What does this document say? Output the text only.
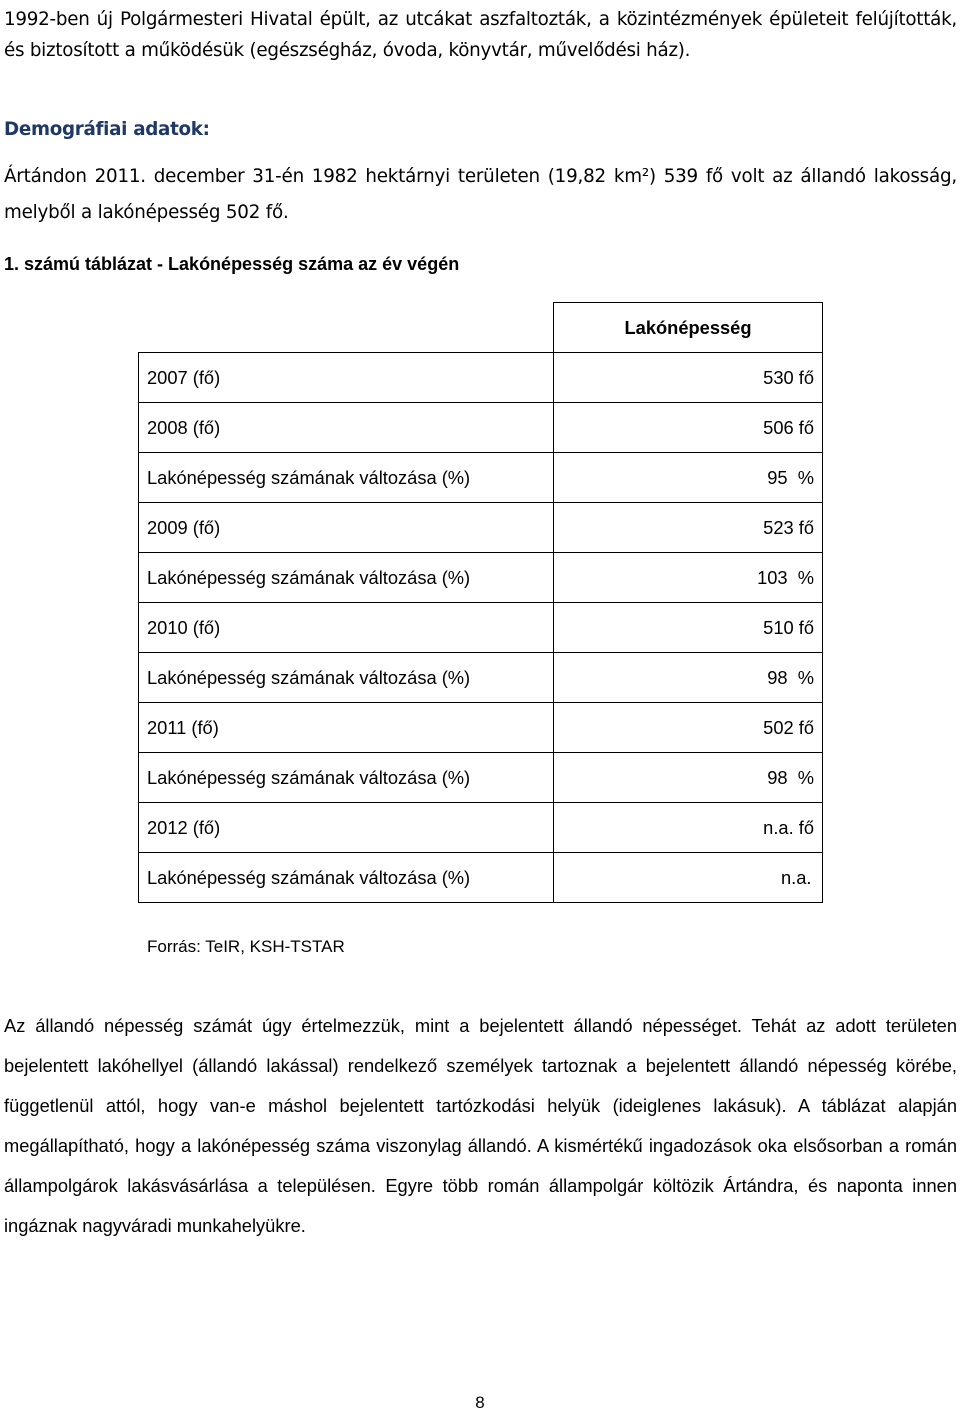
1992-ben új Polgármesteri Hivatal épült, az utcákat aszfaltozták, a közintézmények épületeit felújították, és biztosított a működésük (egészségház, óvoda, könyvtár, művelődési ház).

Demográfiai adatok:

Ártándon 2011. december 31-én 1982 hektárnyi területen (19,82 km²) 539 fő volt az állandó lakosság, melyből a lakónépesség 502 fő.

1. számú táblázat - Lakónépesség száma az év végén
	Lakónépesség
2007 (fő)	530 fő
2008 (fő)	506 fő
Lakónépesség számának változása (%)	95  %
2009 (fő)	523 fő
Lakónépesség számának változása (%)	103  %
2010 (fő)	510 fő
Lakónépesség számának változása (%)	98  %
2011 (fő)	502 fő
Lakónépesség számának változása (%)	98  %
2012 (fő)	n.a. fő
Lakónépesség számának változása (%)	n.a.
Forrás: TeIR, KSH-TSTAR

Az állandó népesség számát úgy értelmezzük, mint a bejelentett állandó népességet. Tehát az adott területen bejelentett lakóhellyel (állandó lakással) rendelkező személyek tartoznak a bejelentett állandó népesség körébe, függetlenül attól, hogy van-e máshol bejelentett tartózkodási helyük (ideiglenes lakásuk). A táblázat alapján megállapítható, hogy a lakónépesség száma viszonylag állandó. A kismértékű ingadozások oka elsősorban a román állampolgárok lakásvásárlása a településen. Egyre több román állampolgár költözik Ártándra, és naponta innen ingáznak nagyváradi munkahelyükre.

8
